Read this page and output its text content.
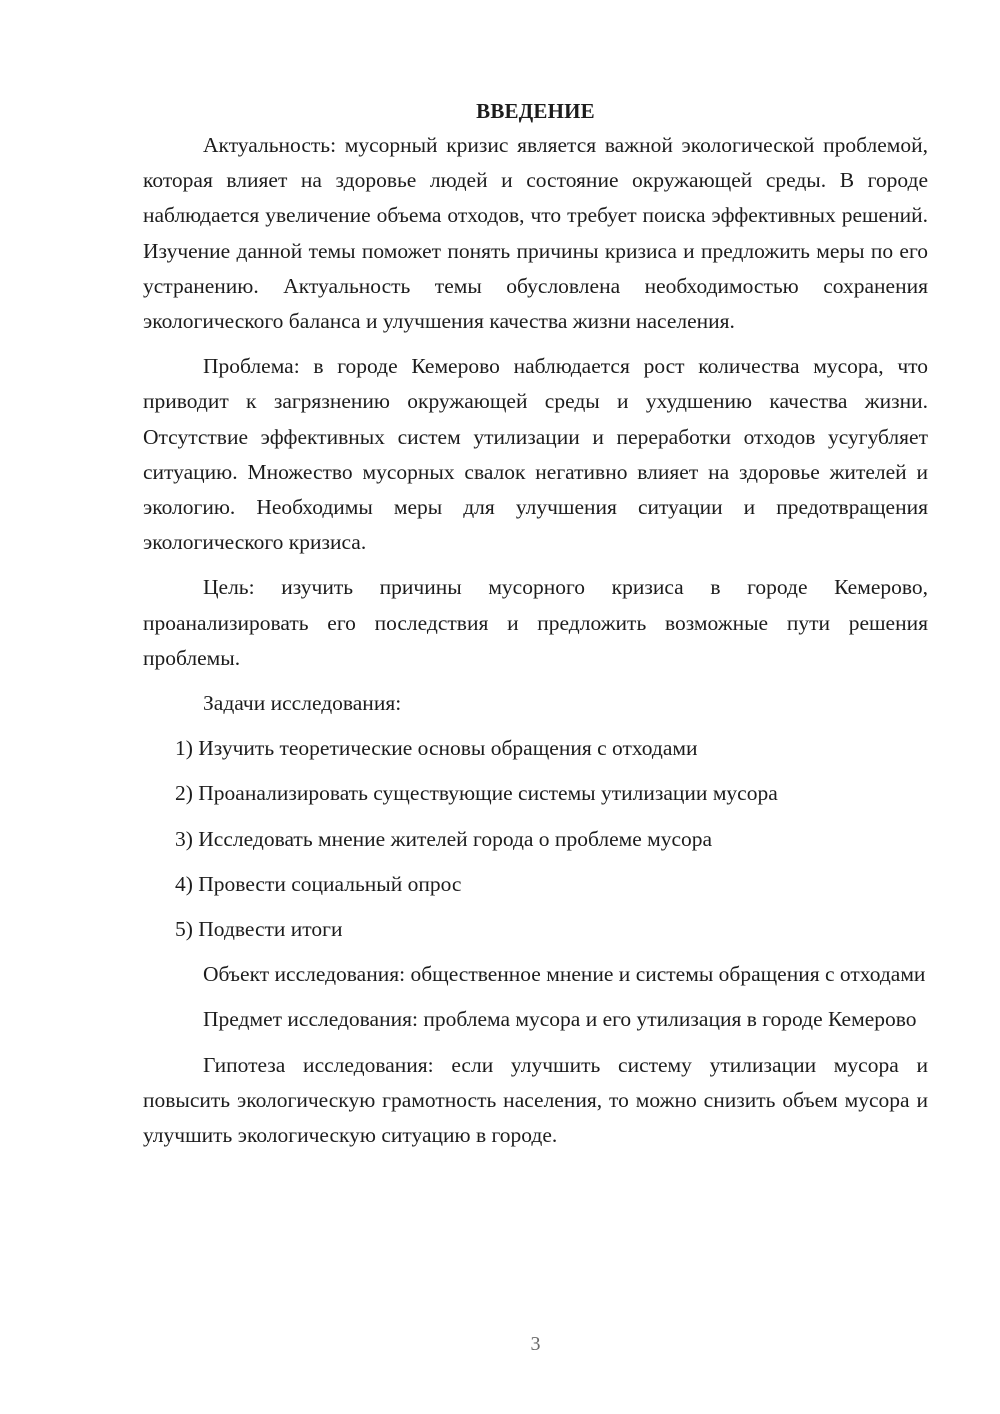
ВВЕДЕНИЕ

Актуальность: мусорный кризис является важной экологической проблемой, которая влияет на здоровье людей и состояние окружающей среды. В городе наблюдается увеличение объема отходов, что требует поиска эффективных решений. Изучение данной темы поможет понять причины кризиса и предложить меры по его устранению. Актуальность темы обусловлена необходимостью сохранения экологического баланса и улучшения качества жизни населения.

Проблема: в городе Кемерово наблюдается рост количества мусора, что приводит к загрязнению окружающей среды и ухудшению качества жизни. Отсутствие эффективных систем утилизации и переработки отходов усугубляет ситуацию. Множество мусорных свалок негативно влияет на здоровье жителей и экологию. Необходимы меры для улучшения ситуации и предотвращения экологического кризиса.

Цель: изучить причины мусорного кризиса в городе Кемерово, проанализировать его последствия и предложить возможные пути решения проблемы.

Задачи исследования:

1) Изучить теоретические основы обращения с отходами
2) Проанализировать существующие системы утилизации мусора
3) Исследовать мнение жителей города о проблеме мусора
4) Провести социальный опрос
5) Подвести итоги

Объект исследования: общественное мнение и системы обращения с отходами

Предмет исследования: проблема мусора и его утилизация в городе Кемерово

Гипотеза исследования: если улучшить систему утилизации мусора и повысить экологическую грамотность населения, то можно снизить объем мусора и улучшить экологическую ситуацию в городе.

3
